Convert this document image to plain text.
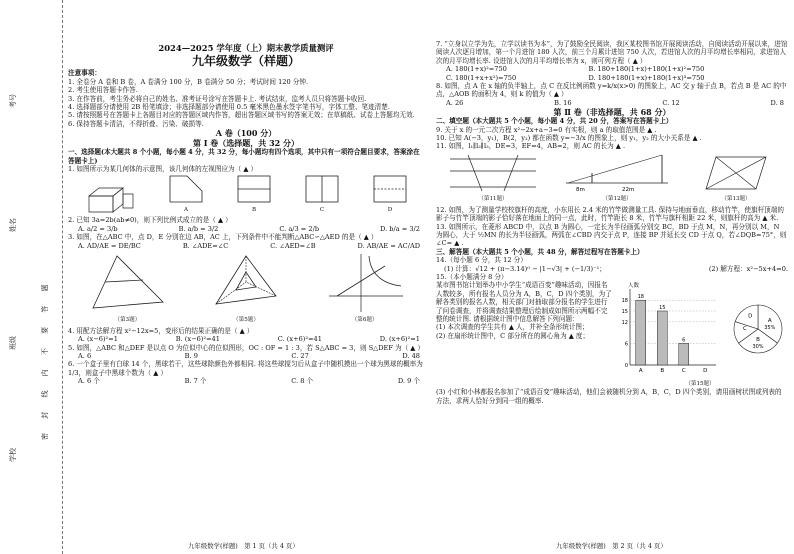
考号
姓名
班级
学校
密 封 线 内 不 要 答 题
2024—2025 学年度（上）期末教学质量测评
九年级数学（样题）

注意事项：

1. 全卷分 A 卷和 B 卷，A 卷满分 100 分，B 卷满分 50 分；考试时间 120 分钟.

2. 考生使用答题卡作答.

3. 在作答前，考生务必将自己的姓名、准考证号涂写在答题卡上. 考试结束，监考人员只将答题卡收回.

4. 选择题部分请使用 2B 铅笔填涂；非选择题部分请使用 0.5 毫米黑色墨水签字笔书写，字体工整、笔迹清楚.

5. 请按照题号在答题卡上各题目对应的答题区域内作答，超出答题区域书写的答案无效；在草稿纸、试卷上答题均无效.

6. 保持答题卡清洁，不得折叠、污染、破损等.

A 卷（100 分）
第 Ⅰ 卷（选择题，共 32 分）

一、选择题(本大题共 8 个小题，每小题 4 分，共 32 分，每小题均有四个选项，其中只有一项符合题目要求，答案涂在答题卡上)

1. 如图所示为某几何体的示意图，该几何体的左视图应为（ ▲ ）

A	B	C	D

2. 已知 3a=2b(ab≠0)，则下列比例式成立的是（ ▲ ）

A. a/2 = 3/b	B. a/b = 3/2	C. a/3 = 2/b	D. b/a = 3/2

3. 如图，在△ABC 中，点 D，E 分别在边 AB，AC 上，下列条件中不能判断△ABC∽△AED 的是（ ▲ ）

A. AD/AE = DE/BC	B. ∠ADE=∠C	C. ∠AED=∠B	D. AB/AE = AC/AD
（第3题）	（第5题）	（第6题）

4. 用配方法解方程 x²−12x=5，变形后的结果正确的是（ ▲ ）

A. (x−6)²=1	B. (x−6)²=41	C. (x+6)²=41	D. (x+6)²=1

5. 如图，△ABC 和△DEF 是以点 O 为位似中心的位似图形，OC : OF = 1 : 3，若 S△ABC = 3，则 S△DEF 为（ ▲ ）

A. 6	B. 9	C. 27	D. 48

6. 一个盒子里有白球 14 个，黑球若干，这些球除颜色外都相同. 将这些球搅匀后从盒子中随机摸出一个球为黑球的概率为 1/3，则盒子中黑球个数为（ ▲ ）

A. 6 个	B. 7 个	C. 8 个	D. 9 个
九年级数学(样题)　第 1 页（共 4 页）

7. “立身以立学为先，立学以读书为本”，为了鼓励全民阅读，我区某校图书馆开展阅读活动，自阅读活动开展以来，进馆阅读人次逐月增加，第一个月进馆 180 人次，前三个月累计进馆 750 人次，若进馆人次的月平均增长率相同，求进馆人次的月平均增长率. 设进馆人次的月平均增长率为 x，则可列方程（ ▲ ）

A. 180(1+x)²=750	B. 180+180(1+x)+180(1+x)²=750
C. 180(1+x+x²)=750	D. 180+180(1+x)+180(1+x)³=750

8. 如图，点 A 在 x 轴的负半轴上，点 C 在反比例函数 y=k/x(x>0) 的图象上，AC 交 y 轴于点 B，若点 B 是 AC 的中点，△AOB 的面积为 4，则 k 的值为（ ▲ ）

A. 26	B. 16	C. 12	D. 8
第 Ⅱ 卷（非选择题，共 68 分）

二、填空题（本大题共 5 个小题，每小题 4 分，共 20 分，答案写在答题卡上）

9. 关于 x 的一元二次方程 x²−2x+a−3=0 有实根，则 a 的取值范围是 ▲ .

10. 已知 A(−3，y₁)，B(2，y₂) 都在函数 y=−3/x 的图象上，则 y₁，y₂ 的大小关系是 ▲ .

11. 如图，l₁∥l₂∥l₃，DE=3，EF=4，AB=2，则 AC 的长为 ▲ .

（第11题）
8m	22m
（第12题）	（第13题）

12. 如图，为了测量学校校旗杆的高度，小东用长 2.4 米的竹竿做测量工具. 保持与地面垂直，移动竹竿，使旗杆顶端的影子与竹竿顶端的影子恰好落在地面上的同一点，此时，竹竿距长 8 米，竹竿与旗杆相距 22 米，则旗杆的高为 ▲ 米.

13. 如图所示，在菱形 ABCD 中，以点 B 为圆心，一定长为半径画弧分别交 BC，BD 于点 M，N，再分别以 M，N 为圆心，大于 ½MN 的长为半径画弧，两弧在∠CBD 内交于点 P，连接 BP 并延长交 CD 于点 Q，若∠DQB=75°，则∠C= ▲ .

三、解答题（本大题共 5 个小题，共 48 分，解答过程写在答题卡上）

14.（每小题 6 分，共 12 分）

(1) 计算：√12 + (π−3.14)⁰ − |1−√3| + (−1/3)⁻¹；	(2) 解方程：x²−5x+4=0.

15.（本小题满分 8 分）

某市图书馆计划举办中小学生“成语百变”趣味活动，因报名人数较多，所有报名人员分为 A，B，C，D 四个类别，为了解各类别的报名人数，相关部门对抽取部分报名的学生进行了问卷调查，并将调查结果整理后绘制成如图所示两幅不完整的统计图. 请根据统计图中信息解答下列问题：

(1) 本次调查的学生共有 ▲ 人，并补全条形统计图；

(2) 在扇形统计图中，C 部分所在的圆心角为 ▲ 度；

人数
0
6
12
15
18
18
A
15
B
6
C	D
A
35%
B
30%
C
D
（第15题）

(3) 小红和小林都报名参加了“成语百变”趣味活动，他们会被随机分到 A，B，C，D 四个类别，请用画树状图或列表的方法，求两人恰好分到同一组的概率.

九年级数学(样题)　第 2 页（共 4 页）
